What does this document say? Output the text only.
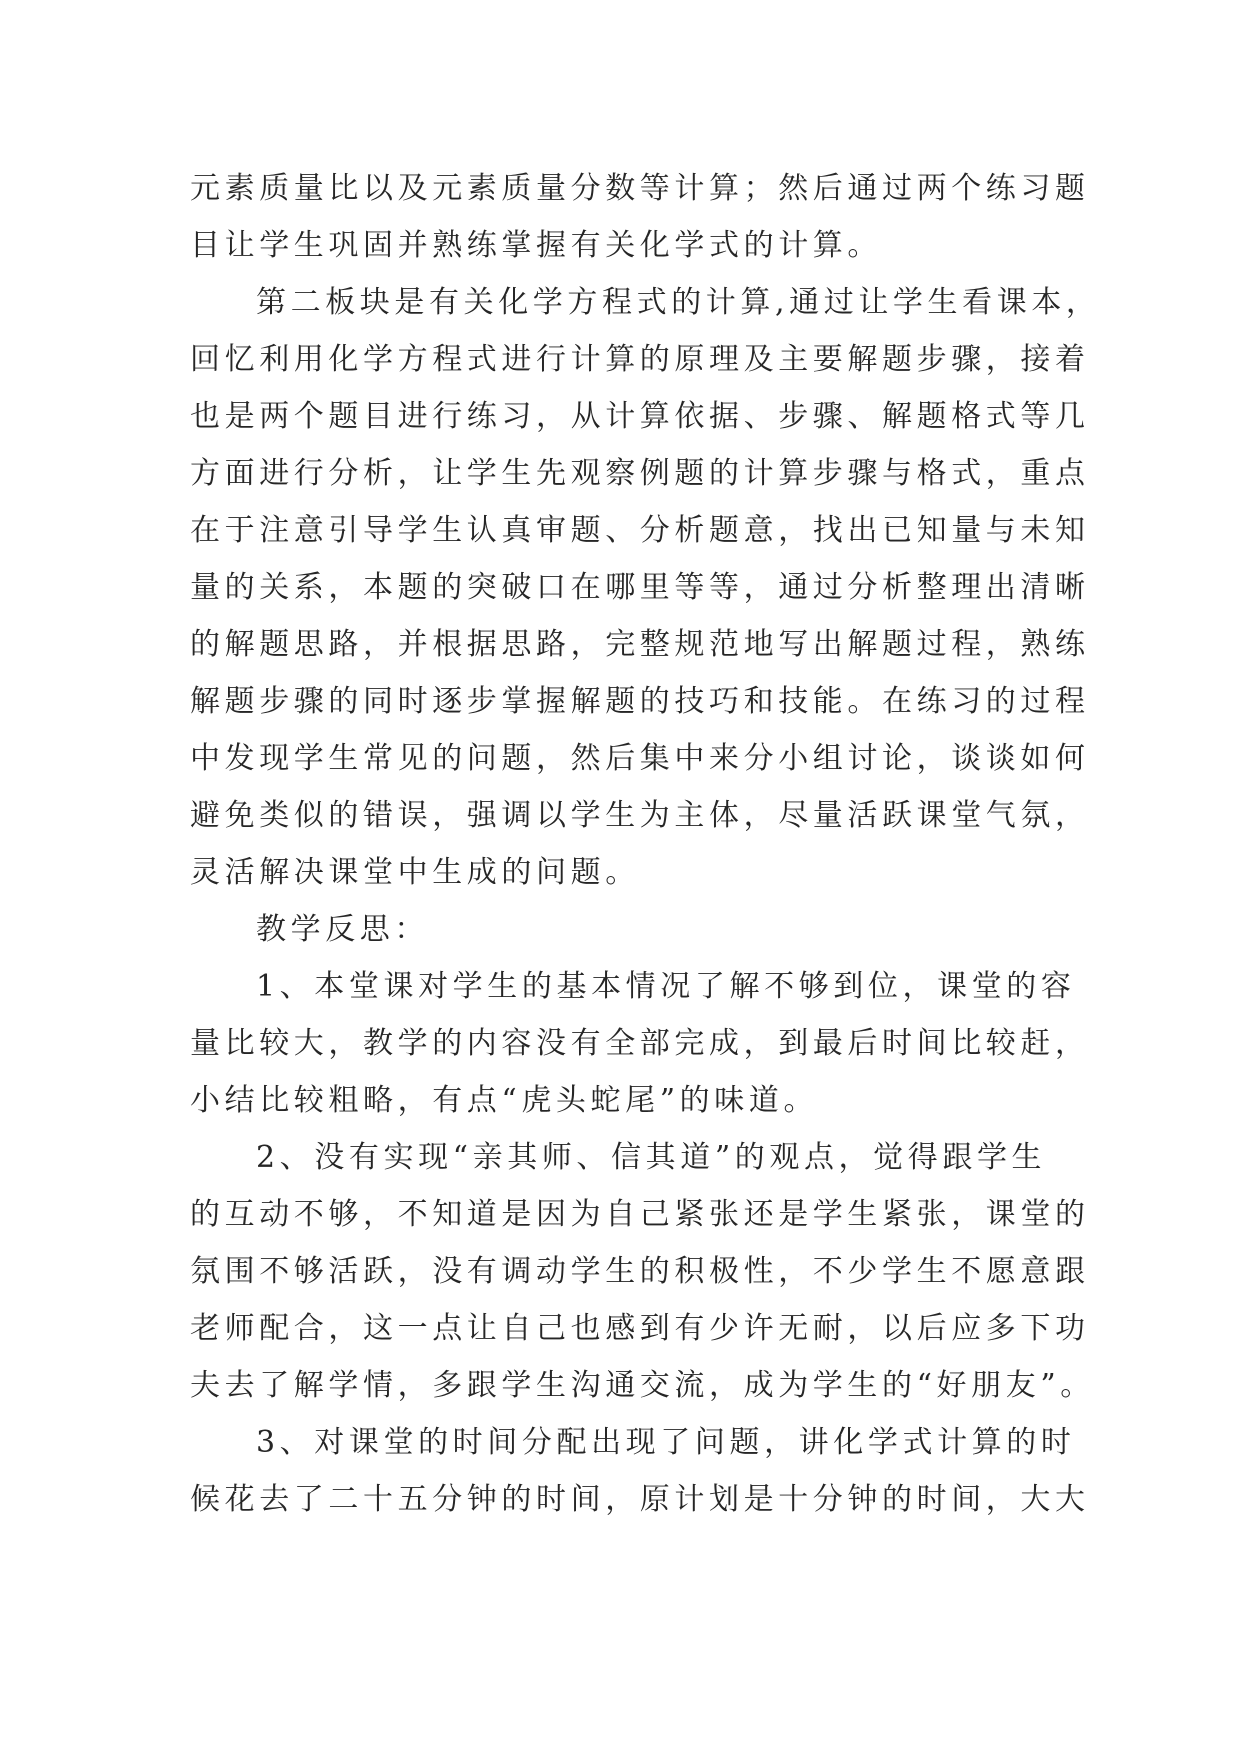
元素质量比以及元素质量分数等计算；然后通过两个练习题
目让学生巩固并熟练掌握有关化学式的计算。
第二板块是有关化学方程式的计算,通过让学生看课本，
回忆利用化学方程式进行计算的原理及主要解题步骤，接着
也是两个题目进行练习，从计算依据、步骤、解题格式等几
方面进行分析，让学生先观察例题的计算步骤与格式，重点
在于注意引导学生认真审题、分析题意，找出已知量与未知
量的关系，本题的突破口在哪里等等，通过分析整理出清晰
的解题思路，并根据思路，完整规范地写出解题过程，熟练
解题步骤的同时逐步掌握解题的技巧和技能。在练习的过程
中发现学生常见的问题，然后集中来分小组讨论，谈谈如何
避免类似的错误，强调以学生为主体，尽量活跃课堂气氛，
灵活解决课堂中生成的问题。
教学反思：
1、本堂课对学生的基本情况了解不够到位，课堂的容
量比较大，教学的内容没有全部完成，到最后时间比较赶，
小结比较粗略，有点“虎头蛇尾”的味道。
2、没有实现“亲其师、信其道”的观点，觉得跟学生
的互动不够，不知道是因为自己紧张还是学生紧张，课堂的
氛围不够活跃，没有调动学生的积极性，不少学生不愿意跟
老师配合，这一点让自己也感到有少许无耐，以后应多下功
夫去了解学情，多跟学生沟通交流，成为学生的“好朋友”。
3、对课堂的时间分配出现了问题，讲化学式计算的时
候花去了二十五分钟的时间，原计划是十分钟的时间，大大
